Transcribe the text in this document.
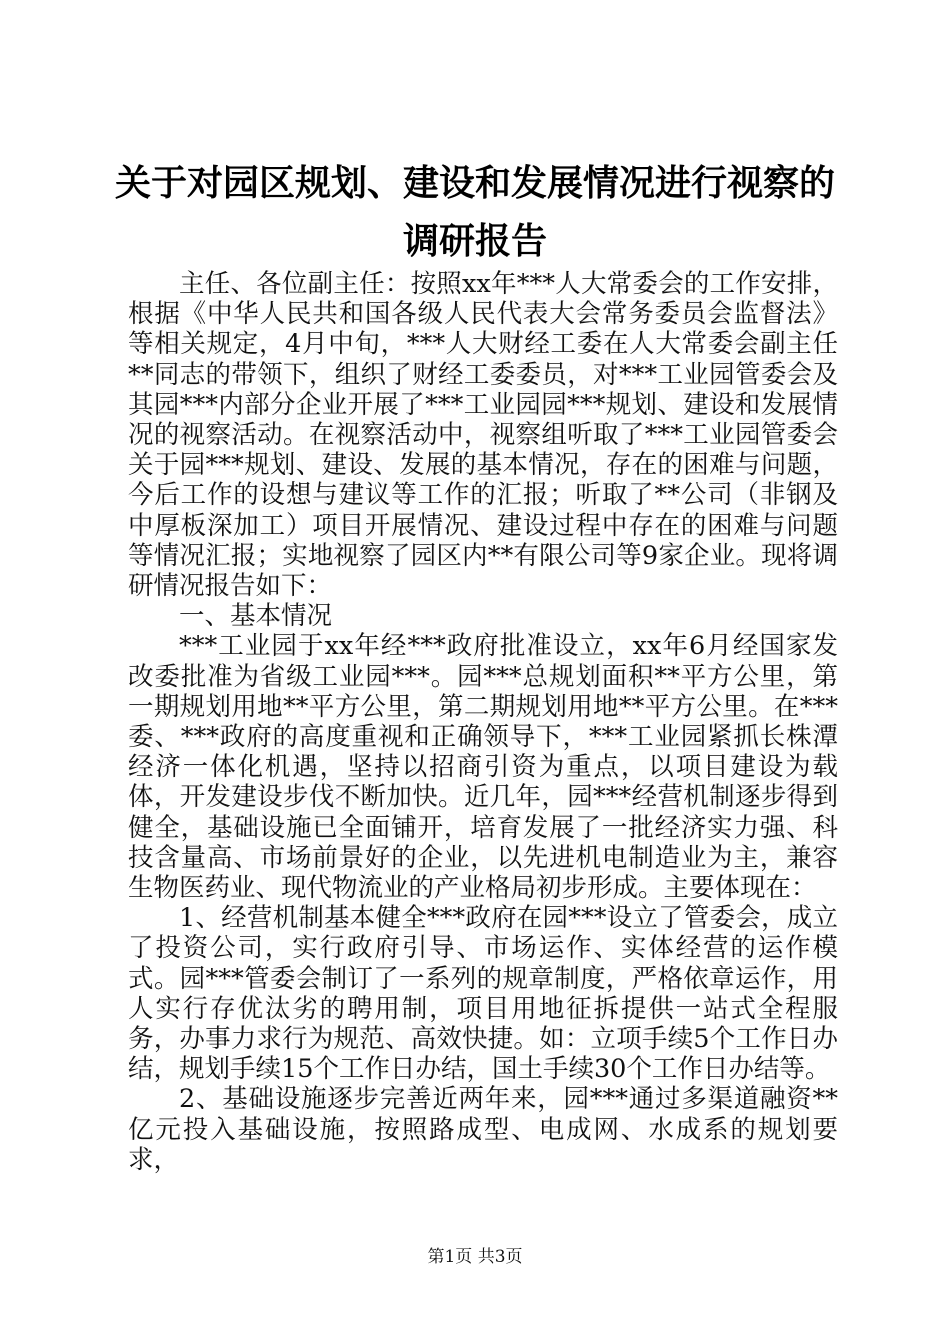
关于对园区规划、建设和发展情况进行视察的
调研报告

主任、各位副主任：按照xx年***人大常委会的工作安排，根据《中华人民共和国各级人民代表大会常务委员会监督法》等相关规定，4月中旬，***人大财经工委在人大常委会副主任**同志的带领下，组织了财经工委委员，对***工业园管委会及其园***内部分企业开展了***工业园园***规划、建设和发展情况的视察活动。在视察活动中，视察组听取了***工业园管委会关于园***规划、建设、发展的基本情况，存在的困难与问题，今后工作的设想与建议等工作的汇报；听取了**公司（非钢及中厚板深加工）项目开展情况、建设过程中存在的困难与问题等情况汇报；实地视察了园区内**有限公司等9家企业。现将调研情况报告如下：

一、基本情况

***工业园于xx年经***政府批准设立，xx年6月经国家发改委批准为省级工业园***。园***总规划面积**平方公里，第一期规划用地**平方公里，第二期规划用地**平方公里。在***委、***政府的高度重视和正确领导下，***工业园紧抓长株潭经济一体化机遇，坚持以招商引资为重点，以项目建设为载体，开发建设步伐不断加快。近几年，园***经营机制逐步得到健全，基础设施已全面铺开，培育发展了一批经济实力强、科技含量高、市场前景好的企业，以先进机电制造业为主，兼容生物医药业、现代物流业的产业格局初步形成。主要体现在：

1、经营机制基本健全***政府在园***设立了管委会，成立了投资公司，实行政府引导、市场运作、实体经营的运作模式。园***管委会制订了一系列的规章制度，严格依章运作，用人实行存优汰劣的聘用制，项目用地征拆提供一站式全程服务，办事力求行为规范、高效快捷。如：立项手续5个工作日办结，规划手续15个工作日办结，国土手续30个工作日办结等。

2、基础设施逐步完善近两年来，园***通过多渠道融资**亿元投入基础设施，按照路成型、电成网、水成系的规划要求，

第1页 共3页
